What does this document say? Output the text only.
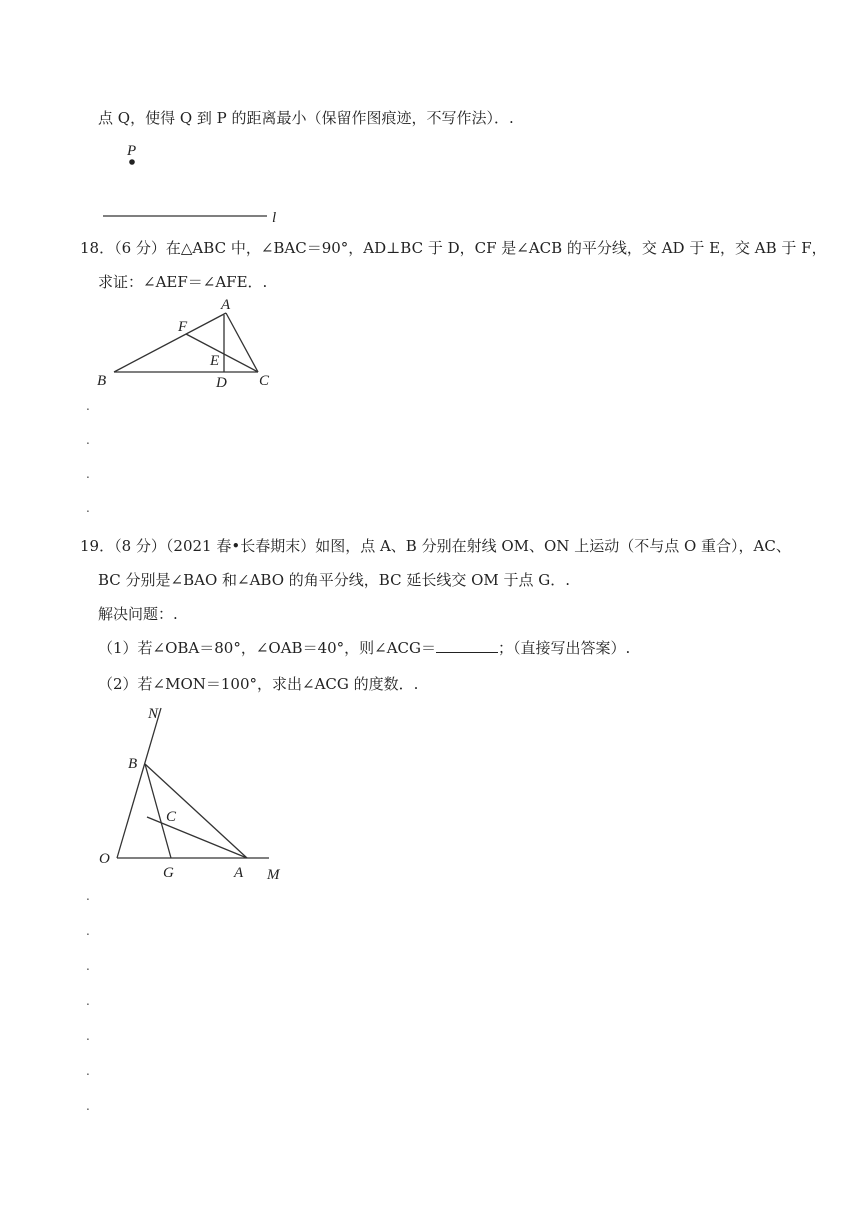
点 Q，使得 Q 到 P 的距离最小（保留作图痕迹，不写作法）．.
P
l
18．（6 分）在△ABC 中，∠BAC＝90°，AD⊥BC 于 D，CF 是∠ACB 的平分线，交 AD 于 E，交 AB 于 F，
求证：∠AEF＝∠AFE．.
A
F
E
B	D C
.
.
.
.
19．（8 分）（2021 春•长春期末）如图，点 A、B 分别在射线 OM、ON 上运动（不与点 O 重合），AC、
BC 分别是∠BAO 和∠ABO 的角平分线，BC 延长线交 OM 于点 G．.
解决问题：.
（1）若∠OBA＝80°，∠OAB＝40°，则∠ACG＝	；（直接写出答案）.
（2）若∠MON＝100°，求出∠ACG 的度数．.
N
B
C
O
G	A M
.
.
.
.
.
.
.
